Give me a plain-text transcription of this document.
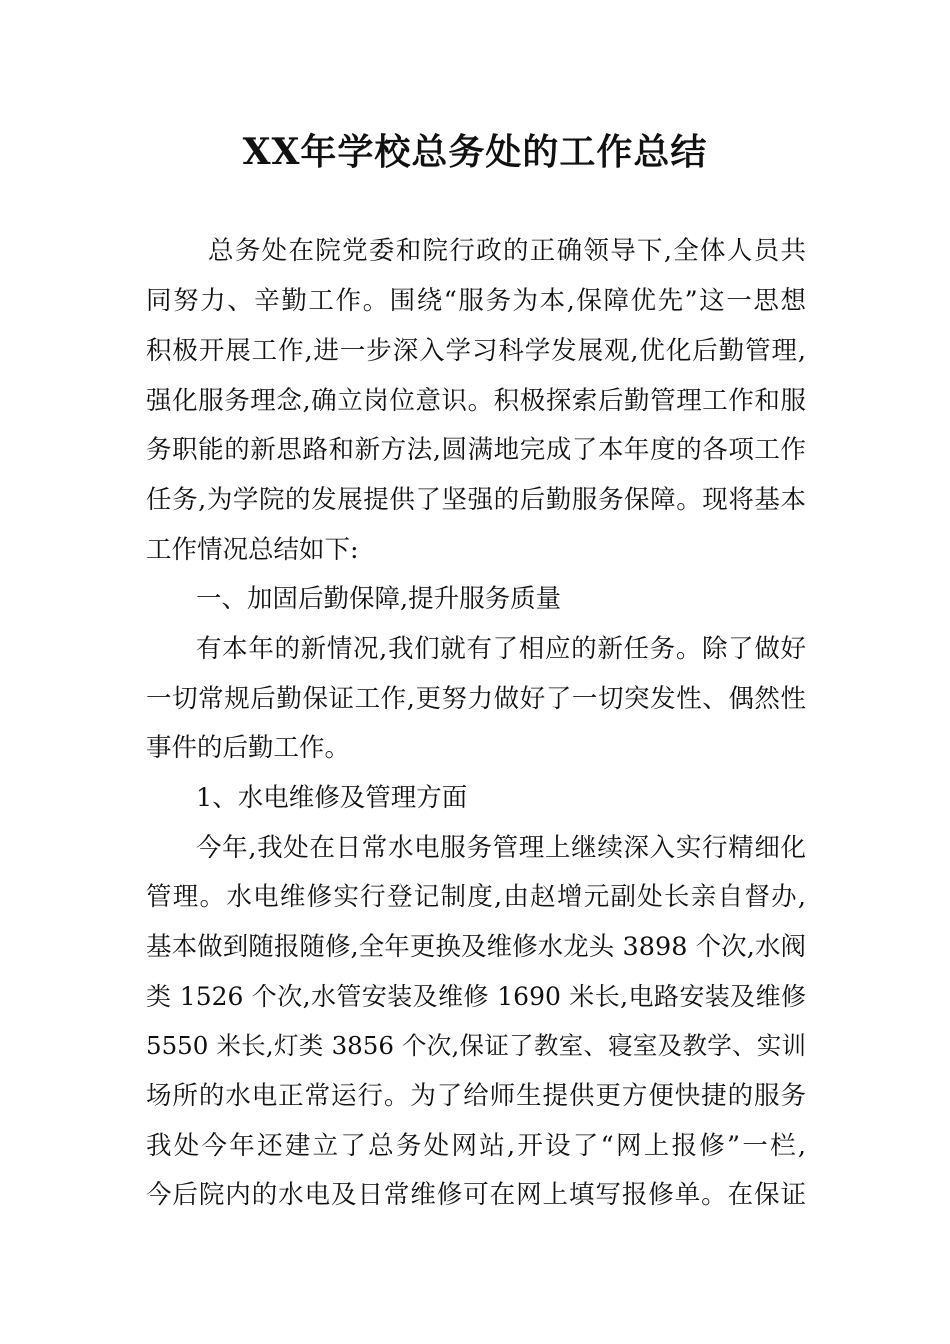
XX年学校总务处的工作总结
总务处在院党委和院行政的正确领导下,全体人员共
同努力、辛勤工作。围绕“服务为本,保障优先”这一思想
积极开展工作,进一步深入学习科学发展观,优化后勤管理,
强化服务理念,确立岗位意识。积极探索后勤管理工作和服
务职能的新思路和新方法,圆满地完成了本年度的各项工作
任务,为学院的发展提供了坚强的后勤服务保障。现将基本
工作情况总结如下:
一、加固后勤保障,提升服务质量
有本年的新情况,我们就有了相应的新任务。除了做好
一切常规后勤保证工作,更努力做好了一切突发性、偶然性
事件的后勤工作。
1、水电维修及管理方面
今年,我处在日常水电服务管理上继续深入实行精细化
管理。水电维修实行登记制度,由赵增元副处长亲自督办,
基本做到随报随修,全年更换及维修水龙头 3898 个次,水阀
类 1526 个次,水管安装及维修 1690 米长,电路安装及维修
5550 米长,灯类 3856 个次,保证了教室、寝室及教学、实训
场所的水电正常运行。为了给师生提供更方便快捷的服务
我处今年还建立了总务处网站,开设了“网上报修”一栏,
今后院内的水电及日常维修可在网上填写报修单。在保证
